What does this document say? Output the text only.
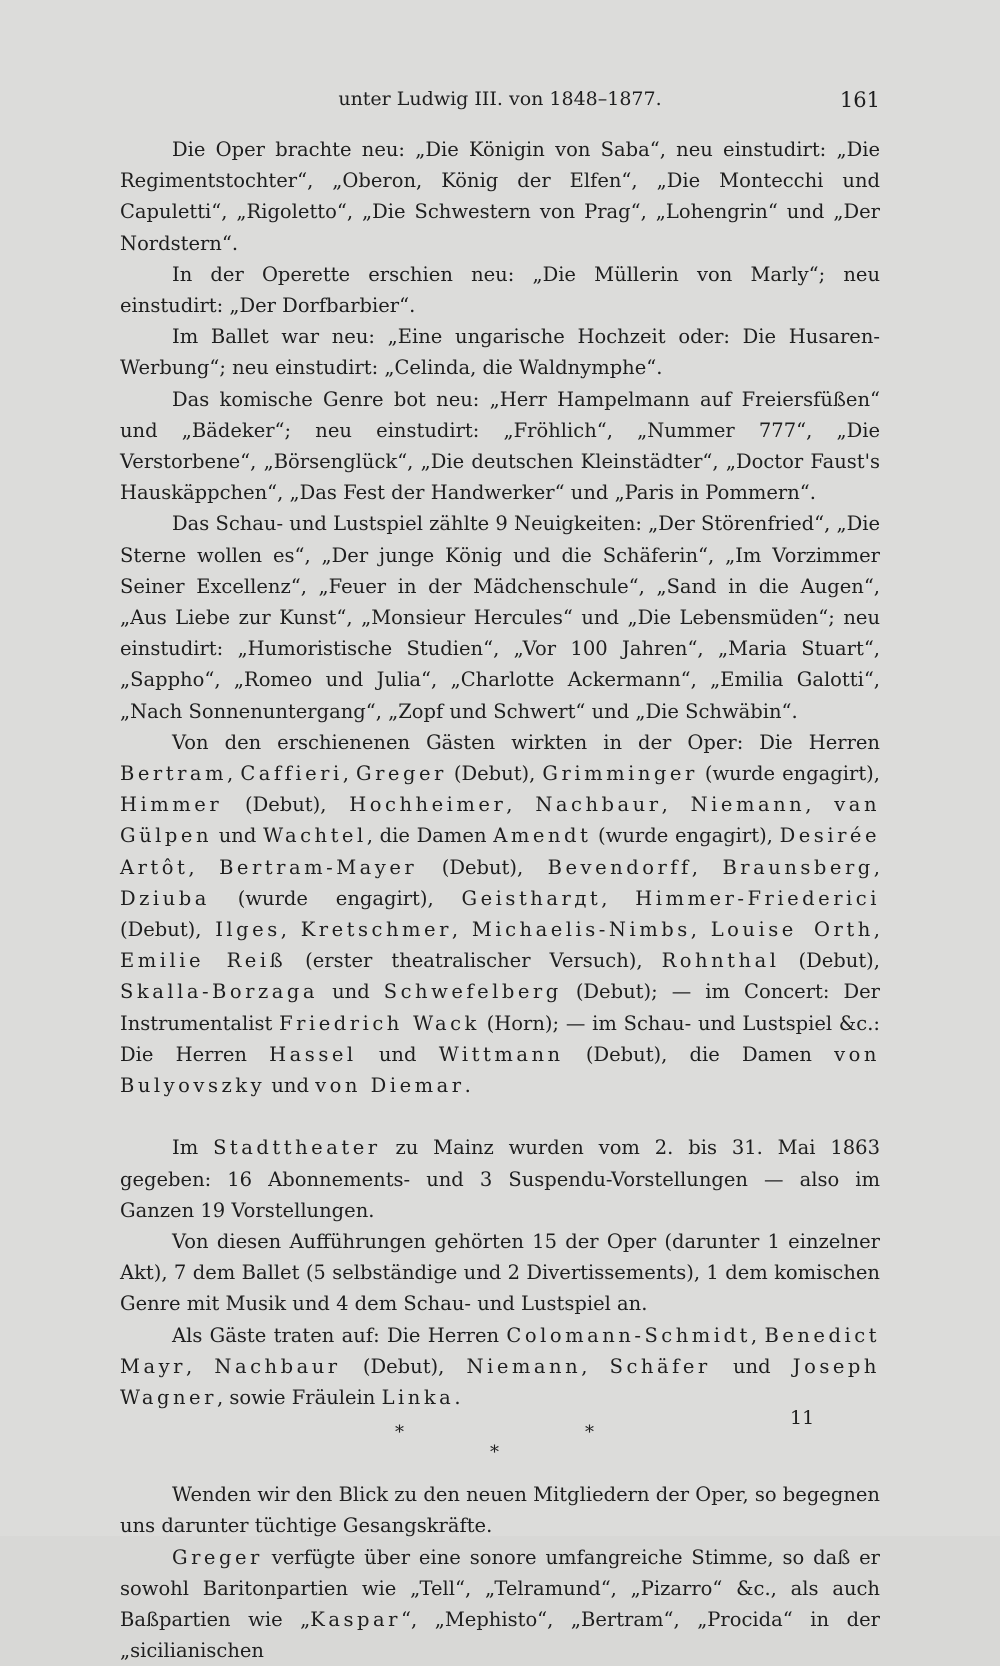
unter Ludwig III. von 1848–1877.	161

Die Oper brachte neu: „Die Königin von Saba“, neu einstudirt: „Die Regimentstochter“, „Oberon, König der Elfen“, „Die Montecchi und Capuletti“, „Rigoletto“, „Die Schwestern von Prag“, „Lohengrin“ und „Der Nordstern“.

In der Operette erschien neu: „Die Müllerin von Marly“; neu einstudirt: „Der Dorfbarbier“.

Im Ballet war neu: „Eine ungarische Hochzeit oder: Die Husaren-Werbung“; neu einstudirt: „Celinda, die Waldnymphe“.

Das komische Genre bot neu: „Herr Hampelmann auf Freiersfüßen“ und „Bädeker“; neu einstudirt: „Fröhlich“, „Nummer 777“, „Die Verstorbene“, „Börsenglück“, „Die deutschen Kleinstädter“, „Doctor Faust's Hauskäppchen“, „Das Fest der Handwerker“ und „Paris in Pommern“.

Das Schau- und Lustspiel zählte 9 Neuigkeiten: „Der Störenfried“, „Die Sterne wollen es“, „Der junge König und die Schäferin“, „Im Vorzimmer Seiner Excellenz“, „Feuer in der Mädchenschule“, „Sand in die Augen“, „Aus Liebe zur Kunst“, „Monsieur Hercules“ und „Die Lebensmüden“; neu einstudirt: „Humoristische Studien“, „Vor 100 Jahren“, „Maria Stuart“, „Sappho“, „Romeo und Julia“, „Charlotte Ackermann“, „Emilia Galotti“, „Nach Sonnenuntergang“, „Zopf und Schwert“ und „Die Schwäbin“.

Von den erschienenen Gästen wirkten in der Oper: Die Herren Bertram, Caffieri, Greger (Debut), Grimminger (wurde engagirt), Himmer (Debut), Hochheimer, Nachbaur, Niemann, van Gülpen und Wachtel, die Damen Amendt (wurde engagirt), Desirée Artôt, Bertram-Mayer (Debut), Bevendorff, Braunsberg, Dziuba (wurde engagirt), Geistharдt, Himmer-Friederici (Debut), Ilges, Kretschmer, Michaelis-Nimbs, Louise Orth, Emilie Reiß (erster theatralischer Versuch), Rohnthal (Debut), Skalla-Borzaga und Schwefelberg (Debut); — im Concert: Der Instrumentalist Friedrich Wack (Horn); — im Schau- und Lustspiel &c.: Die Herren Hassel und Wittmann (Debut), die Damen von Bulyovszky und von Diemar.

Im Stadttheater zu Mainz wurden vom 2. bis 31. Mai 1863 gegeben: 16 Abonnements- und 3 Suspendu-Vorstellungen — also im Ganzen 19 Vorstellungen.

Von diesen Aufführungen gehörten 15 der Oper (darunter 1 einzelner Akt), 7 dem Ballet (5 selbständige und 2 Divertissements), 1 dem komischen Genre mit Musik und 4 dem Schau- und Lustspiel an.

Als Gäste traten auf: Die Herren Colomann-Schmidt, Benedict Mayr, Nachbaur (Debut), Niemann, Schäfer und Joseph Wagner, sowie Fräulein Linka.

*	*
*

Wenden wir den Blick zu den neuen Mitgliedern der Oper, so begegnen uns darunter tüchtige Gesangskräfte.

Greger verfügte über eine sonore umfangreiche Stimme, so daß er sowohl Baritonpartien wie „Tell“, „Telramund“, „Pizarro“ &c., als auch Baßpartien wie „Kaspar“, „Mephisto“, „Bertram“, „Procida“ in der „sicilianischen

11
